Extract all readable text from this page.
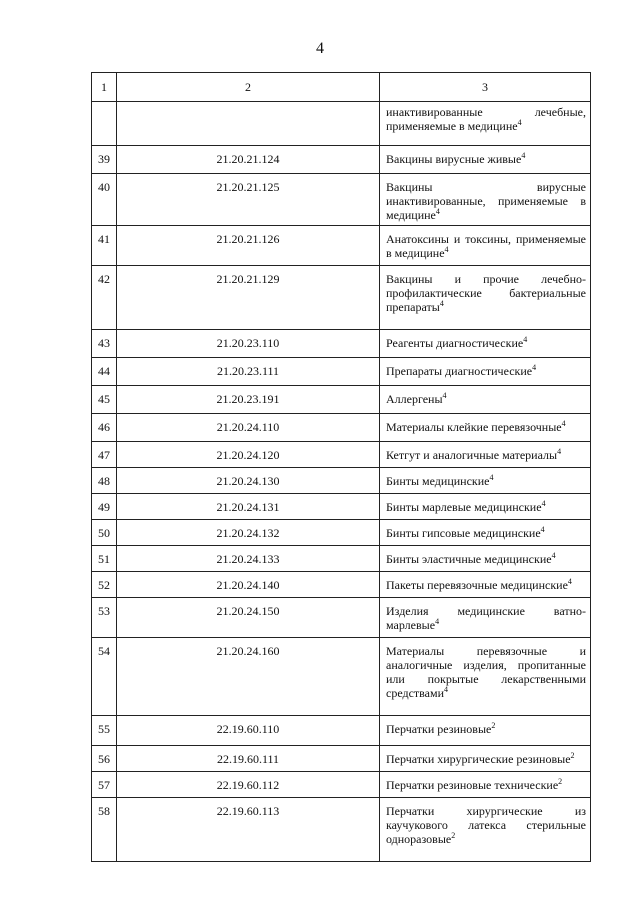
4
1	2	3
		инактивированные лечебные, применяемые в медицине$^4$
39	21.20.21.124	Вакцины вирусные живые$^4$
40	21.20.21.125	Вакцины вирусные инактивированные, применяемые в медицине$^4$
41	21.20.21.126	Анатоксины и токсины, применяемые в медицине$^4$
42	21.20.21.129	Вакцины и прочие лечебно-профилактические бактериальные препараты$^4$
43	21.20.23.110	Реагенты диагностические$^4$
44	21.20.23.111	Препараты диагностические$^4$
45	21.20.23.191	Аллергены$^4$
46	21.20.24.110	Материалы клейкие перевязочные$^4$
47	21.20.24.120	Кетгут и аналогичные материалы$^4$
48	21.20.24.130	Бинты медицинские$^4$
49	21.20.24.131	Бинты марлевые медицинские$^4$
50	21.20.24.132	Бинты гипсовые медицинские$^4$
51	21.20.24.133	Бинты эластичные медицинские$^4$
52	21.20.24.140	Пакеты перевязочные медицинские$^4$
53	21.20.24.150	Изделия медицинские ватно-марлевые$^4$
54	21.20.24.160	Материалы перевязочные и аналогичные изделия, пропитанные или покрытые лекарственными средствами$^4$
55	22.19.60.110	Перчатки резиновые$^2$
56	22.19.60.111	Перчатки хирургические резиновые$^2$
57	22.19.60.112	Перчатки резиновые технические$^2$
58	22.19.60.113	Перчатки хирургические из каучукового латекса стерильные одноразовые$^2$
